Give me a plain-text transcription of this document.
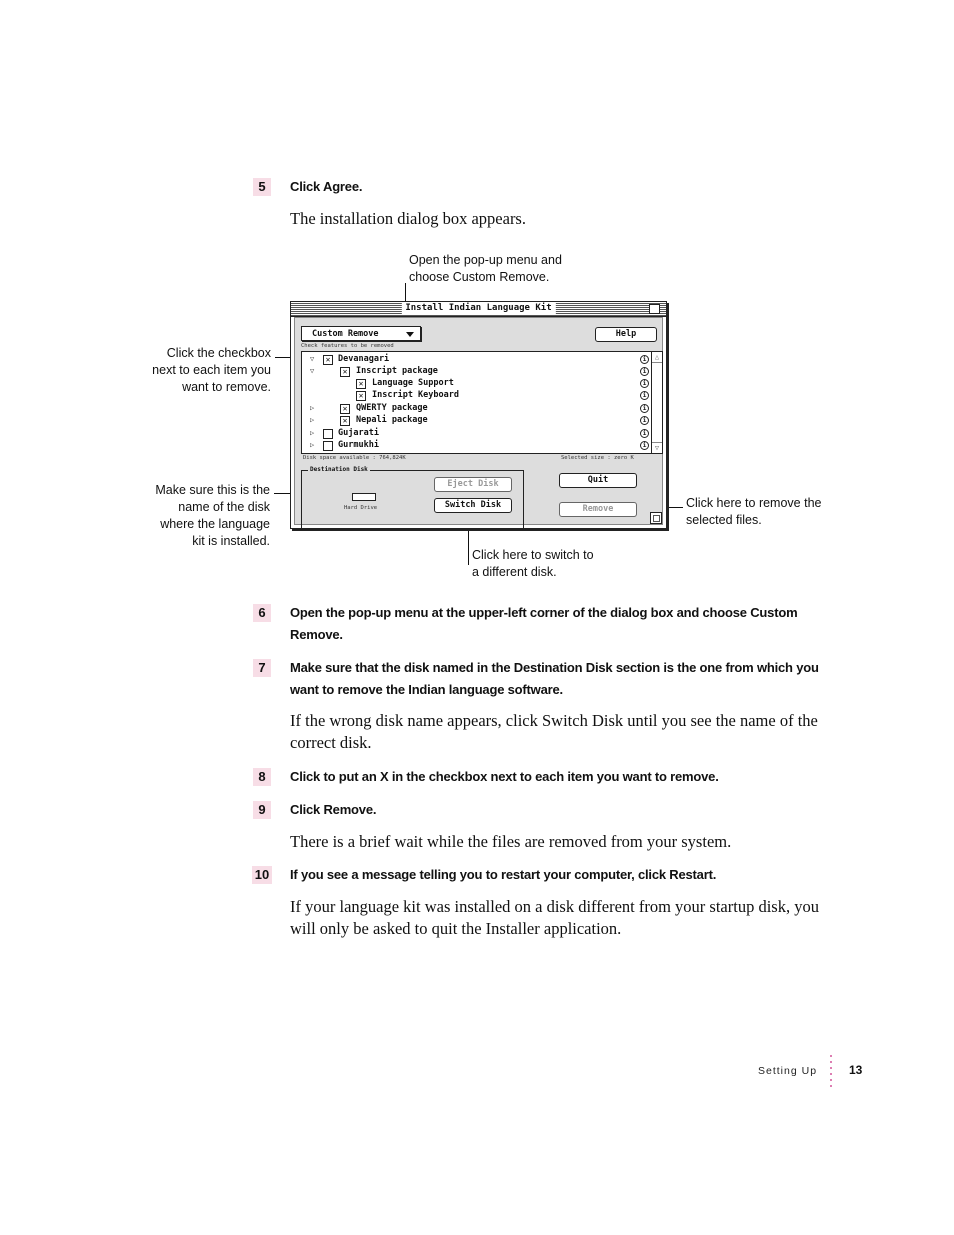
5	Click Agree.
The installation dialog box appears.
Open the pop-up menu and choose Custom Remove.
Click the checkbox next to each item you want to remove.
Make sure this is the name of the disk where the language kit is installed.
Click here to remove the selected files.
Click here to switch to a different disk.
Install Indian Language Kit
Custom Remove	Help
Check features to be removed
▽	✕ Devanagari	i
▽	✕	Inscript package	i
✕	Language Support	i
✕	Inscript Keyboard	i
▷	✕	QWERTY package	i
▷	✕	Nepali package	i
▷	Gujarati	i
▷	Gurmukhi	i
△
▽
Disk space available : 764,824K	Selected size : zero K
Destination Disk
Hard Drive
Eject Disk
Switch Disk
Quit
Remove
6	Open the pop-up menu at the upper-left corner of the dialog box and choose Custom Remove.
7	Make sure that the disk named in the Destination Disk section is the one from which you want to remove the Indian language software.
If the wrong disk name appears, click Switch Disk until you see the name of the correct disk.
8	Click to put an X in the checkbox next to each item you want to remove.
9	Click Remove.
There is a brief wait while the files are removed from your system.
10 If you see a message telling you to restart your computer, click Restart.
If your language kit was installed on a disk different from your startup disk, you will only be asked to quit the Installer application.
Setting Up	13
